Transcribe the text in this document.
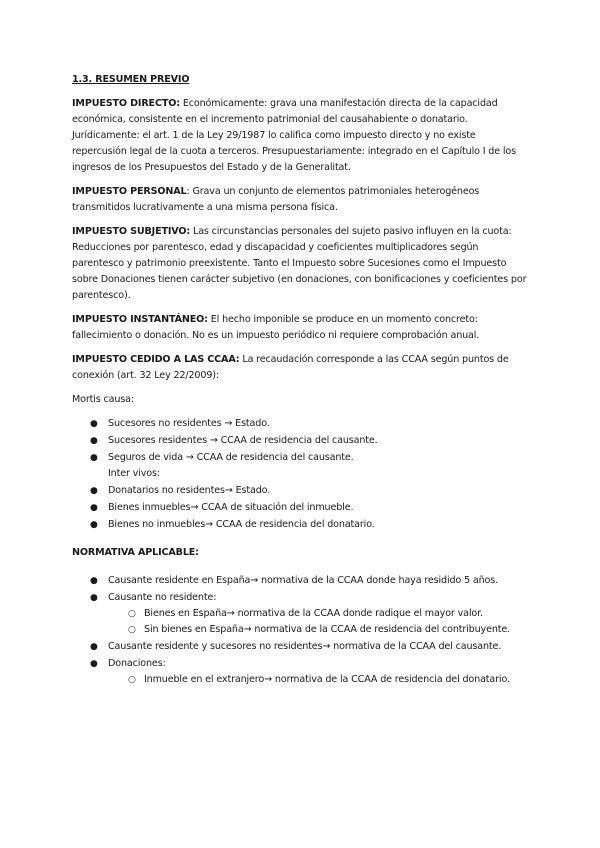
1.3. RESUMEN PREVIO

IMPUESTO DIRECTO: Económicamente: grava una manifestación directa de la capacidad económica, consistente en el incremento patrimonial del causahabiente o donatario. Jurídicamente: el art. 1 de la Ley 29/1987 lo califica como impuesto directo y no existe repercusión legal de la cuota a terceros. Presupuestariamente: integrado en el Capítulo I de los ingresos de los Presupuestos del Estado y de la Generalitat.

IMPUESTO PERSONAL: Grava un conjunto de elementos patrimoniales heterogéneos transmitidos lucrativamente a una misma persona física.

IMPUESTO SUBJETIVO: Las circunstancias personales del sujeto pasivo influyen en la cuota: Reducciones por parentesco, edad y discapacidad y coeficientes multiplicadores según parentesco y patrimonio preexistente. Tanto el Impuesto sobre Sucesiones como el Impuesto sobre Donaciones tienen carácter subjetivo (en donaciones, con bonificaciones y coeficientes por parentesco).

IMPUESTO INSTANTÁNEO: El hecho imponible se produce en un momento concreto: fallecimiento o donación. No es un impuesto periódico ni requiere comprobación anual.

IMPUESTO CEDIDO A LAS CCAA: La recaudación corresponde a las CCAA según puntos de conexión (art. 32 Ley 22/2009):

Mortis causa:

● Sucesores no residentes → Estado.
● Sucesores residentes → CCAA de residencia del causante.
● Seguros de vida → CCAA de residencia del causante.
Inter vivos:
● Donatarios no residentes→ Estado.
● Bienes inmuebles→ CCAA de situación del inmueble.
● Bienes no inmuebles→ CCAA de residencia del donatario.
NORMATIVA APLICABLE:
● Causante residente en España→ normativa de la CCAA donde haya residido 5 años.
● Causante no residente:
○ Bienes en España→ normativa de la CCAA donde radique el mayor valor.
○ Sin bienes en España→ normativa de la CCAA de residencia del contribuyente.
● Causante residente y sucesores no residentes→ normativa de la CCAA del causante.
● Donaciones:
○ Inmueble en el extranjero→ normativa de la CCAA de residencia del donatario.
